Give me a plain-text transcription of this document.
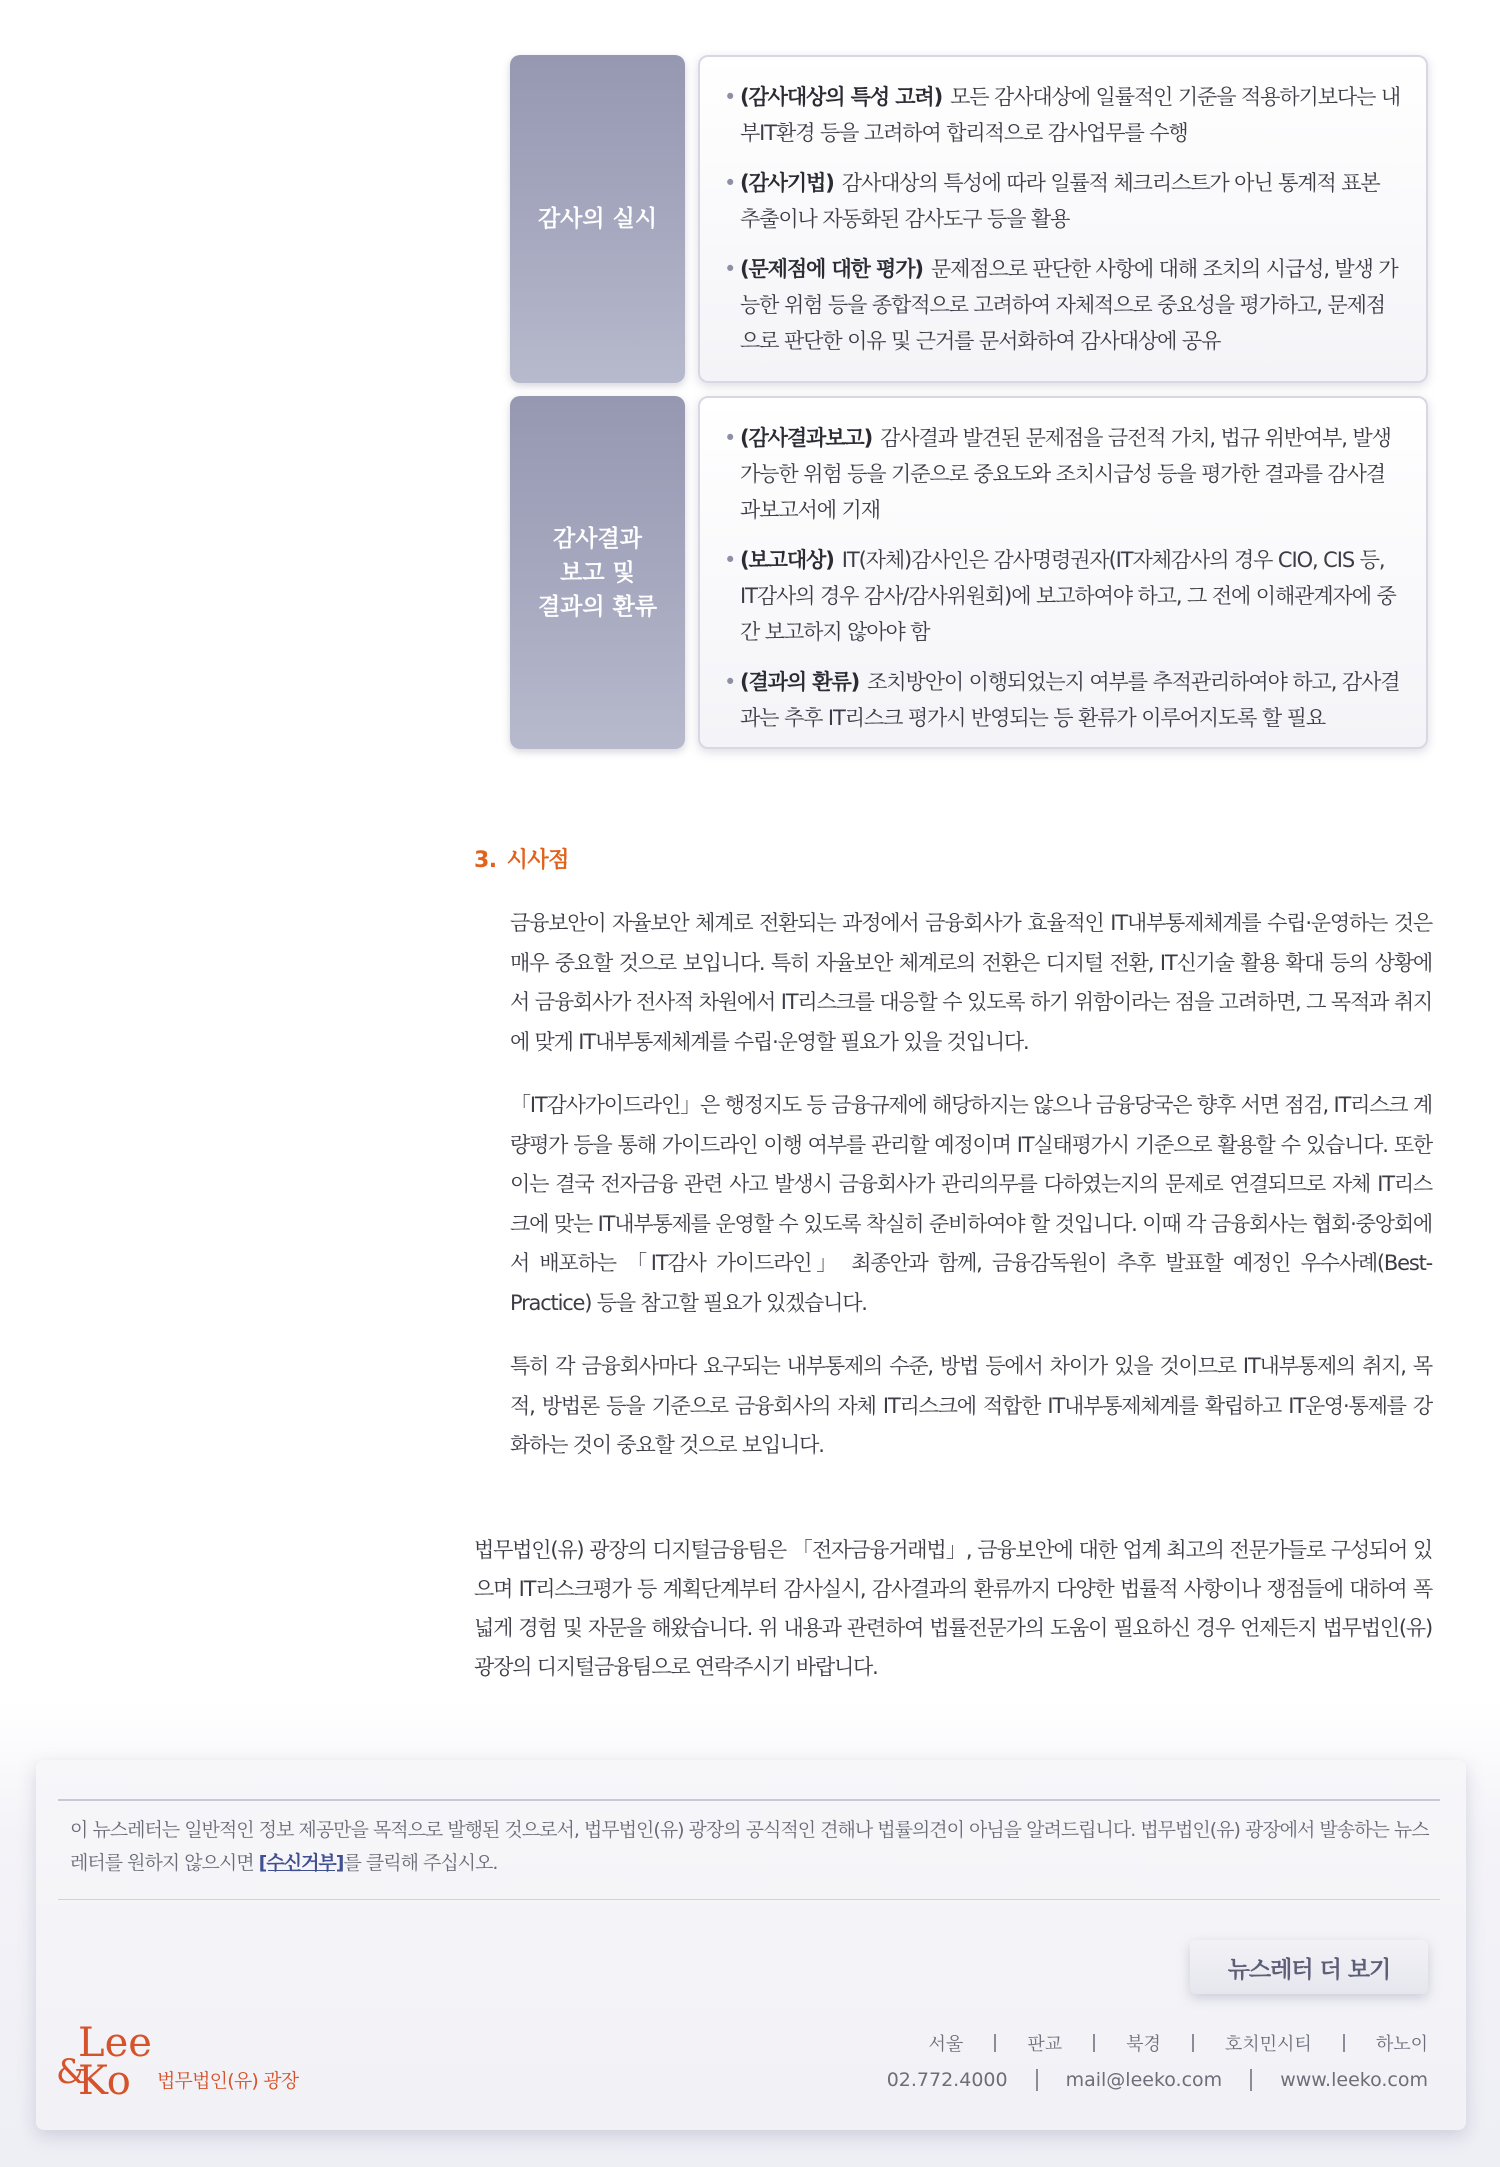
감사의 실시
• (감사대상의 특성 고려) 모든 감사대상에 일률적인 기준을 적용하기보다는 내부IT환경 등을 고려하여 합리적으로 감사업무를 수행
• (감사기법) 감사대상의 특성에 따라 일률적 체크리스트가 아닌 통계적 표본 추출이나 자동화된 감사도구 등을 활용
• (문제점에 대한 평가) 문제점으로 판단한 사항에 대해 조치의 시급성, 발생 가능한 위험 등을 종합적으로 고려하여 자체적으로 중요성을 평가하고, 문제점으로 판단한 이유 및 근거를 문서화하여 감사대상에 공유
감사결과
보고 및
결과의 환류
• (감사결과보고) 감사결과 발견된 문제점을 금전적 가치, 법규 위반여부, 발생 가능한 위험 등을 기준으로 중요도와 조치시급성 등을 평가한 결과를 감사결과보고서에 기재
• (보고대상) IT(자체)감사인은 감사명령권자(IT자체감사의 경우 CIO, CIS 등, IT감사의 경우 감사/감사위원회)에 보고하여야 하고, 그 전에 이해관계자에 중간 보고하지 않아야 함
• (결과의 환류) 조치방안이 이행되었는지 여부를 추적관리하여야 하고, 감사결과는 추후 IT리스크 평가시 반영되는 등 환류가 이루어지도록 할 필요
3. 시사점

금융보안이 자율보안 체계로 전환되는 과정에서 금융회사가 효율적인 IT내부통제체계를 수립·운영하는 것은 매우 중요할 것으로 보입니다. 특히 자율보안 체계로의 전환은 디지털 전환, IT신기술 활용 확대 등의 상황에서 금융회사가 전사적 차원에서 IT리스크를 대응할 수 있도록 하기 위함이라는 점을 고려하면, 그 목적과 취지에 맞게 IT내부통제체계를 수립·운영할 필요가 있을 것입니다.

「IT감사가이드라인」은 행정지도 등 금융규제에 해당하지는 않으나 금융당국은 향후 서면 점검, IT리스크 계량평가 등을 통해 가이드라인 이행 여부를 관리할 예정이며 IT실태평가시 기준으로 활용할 수 있습니다. 또한 이는 결국 전자금융 관련 사고 발생시 금융회사가 관리의무를 다하였는지의 문제로 연결되므로 자체 IT리스크에 맞는 IT내부통제를 운영할 수 있도록 착실히 준비하여야 할 것입니다. 이때 각 금융회사는 협회·중앙회에서 배포하는 「IT감사 가이드라인」 최종안과 함께, 금융감독원이 추후 발표할 예정인 우수사례(Best-Practice) 등을 참고할 필요가 있겠습니다.

특히 각 금융회사마다 요구되는 내부통제의 수준, 방법 등에서 차이가 있을 것이므로 IT내부통제의 취지, 목적, 방법론 등을 기준으로 금융회사의 자체 IT리스크에 적합한 IT내부통제체계를 확립하고 IT운영·통제를 강화하는 것이 중요할 것으로 보입니다.

법무법인(유) 광장의 디지털금융팀은 「전자금융거래법」, 금융보안에 대한 업계 최고의 전문가들로 구성되어 있으며 IT리스크평가 등 계획단계부터 감사실시, 감사결과의 환류까지 다양한 법률적 사항이나 쟁점들에 대하여 폭넓게 경험 및 자문을 해왔습니다. 위 내용과 관련하여 법률전문가의 도움이 필요하신 경우 언제든지 법무법인(유) 광장의 디지털금융팀으로 연락주시기 바랍니다.

이 뉴스레터는 일반적인 정보 제공만을 목적으로 발행된 것으로서, 법무법인(유) 광장의 공식적인 견해나 법률의견이 아님을 알려드립니다. 법무법인(유) 광장에서 발송하는 뉴스레터를 원하지 않으시면 [수신거부]를 클릭해 주십시오.

뉴스레터 더 보기
Lee
&
Ko 법무법인(유) 광장
서울	판교	북경	호치민시티	하노이
02.772.4000	mail@leeko.com	www.leeko.com
